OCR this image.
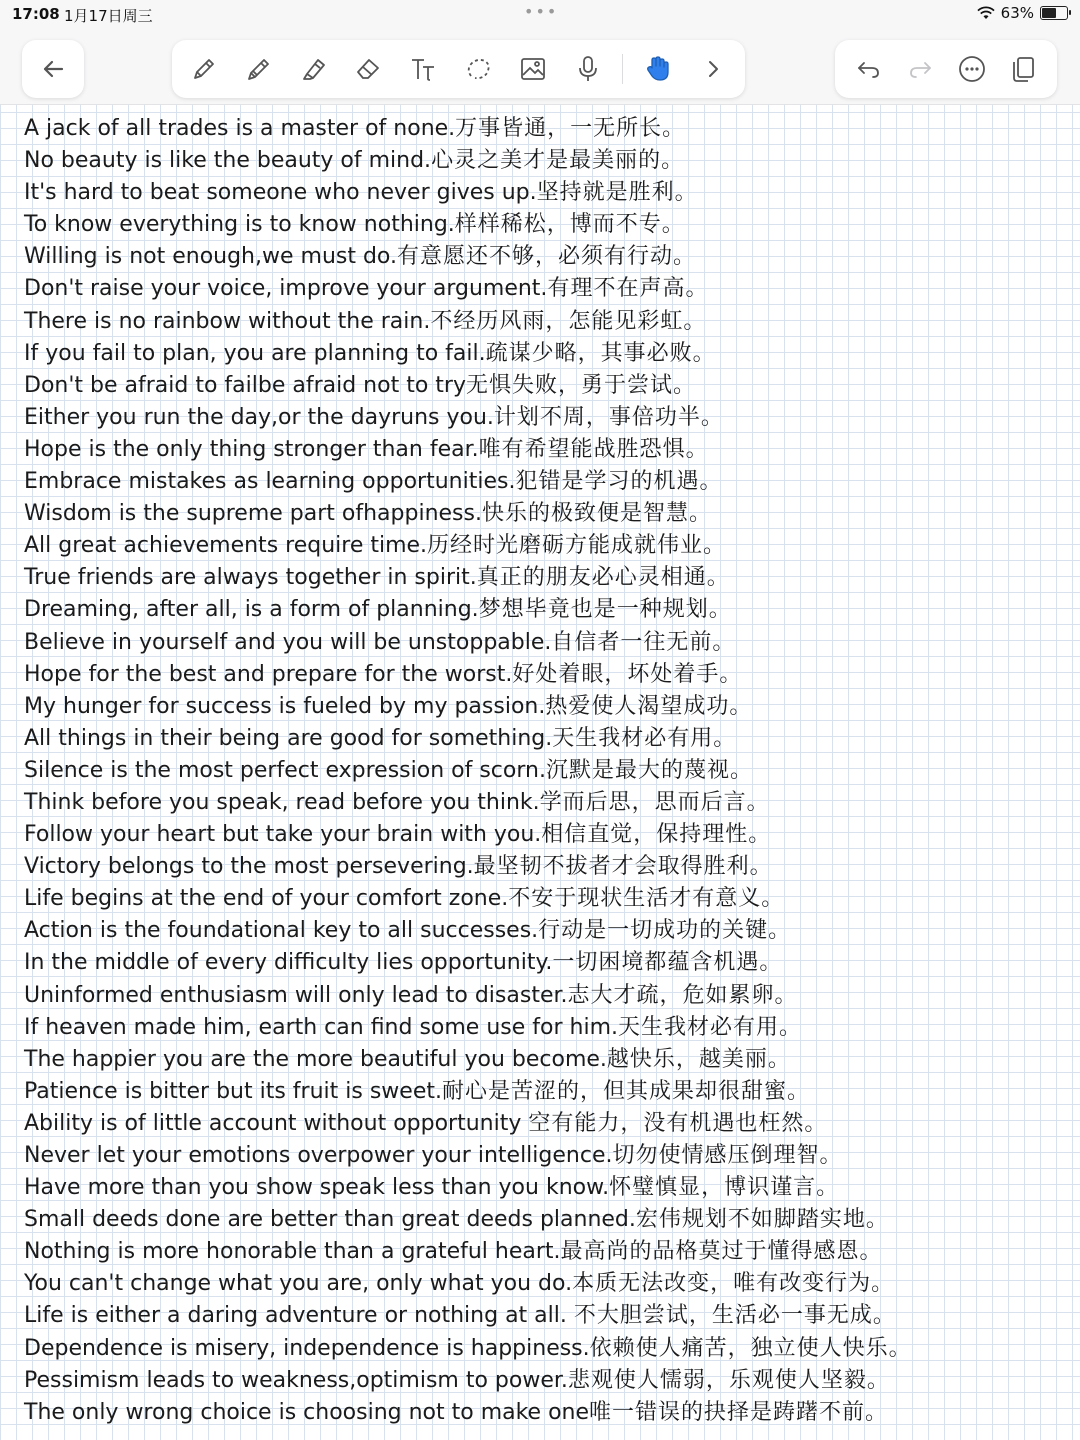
17:08 1月17日周三	•••	63%
A jack of all trades is a master of none.万事皆通，一无所长。
No beauty is like the beauty of mind.心灵之美才是最美丽的。
It's hard to beat someone who never gives up.坚持就是胜利。
To know everything is to know nothing.样样稀松，博而不专。
Willing is not enough,we must do.有意愿还不够，必须有行动。
Don't raise your voice, improve your argument.有理不在声高。
There is no rainbow without the rain.不经历风雨，怎能见彩虹。
If you fail to plan, you are planning to fail.疏谋少略，其事必败。
Don't be afraid to failbe afraid not to try无惧失败，勇于尝试。
Either you run the day,or the dayruns you.计划不周，事倍功半。
Hope is the only thing stronger than fear.唯有希望能战胜恐惧。
Embrace mistakes as learning opportunities.犯错是学习的机遇。
Wisdom is the supreme part ofhappiness.快乐的极致便是智慧。
All great achievements require time.历经时光磨砺方能成就伟业。
True friends are always together in spirit.真正的朋友必心灵相通。
Dreaming, after all, is a form of planning.梦想毕竟也是一种规划。
Believe in yourself and you will be unstoppable.自信者一往无前。
Hope for the best and prepare for the worst.好处着眼，坏处着手。
My hunger for success is fueled by my passion.热爱使人渴望成功。
All things in their being are good for something.天生我材必有用。
Silence is the most perfect expression of scorn.沉默是最大的蔑视。
Think before you speak, read before you think.学而后思，思而后言。
Follow your heart but take your brain with you.相信直觉，保持理性。
Victory belongs to the most persevering.最坚韧不拔者才会取得胜利。
Life begins at the end of your comfort zone.不安于现状生活才有意义。
Action is the foundational key to all successes.行动是一切成功的关键。
In the middle of every difficulty lies opportunity.一切困境都蕴含机遇。
Uninformed enthusiasm will only lead to disaster.志大才疏，危如累卵。
If heaven made him, earth can find some use for him.天生我材必有用。
The happier you are the more beautiful you become.越快乐，越美丽。
Patience is bitter but its fruit is sweet.耐心是苦涩的，但其成果却很甜蜜。
Ability is of little account without opportunity 空有能力，没有机遇也枉然。
Never let your emotions overpower your intelligence.切勿使情感压倒理智。
Have more than you show speak less than you know.怀璧慎显，博识谨言。
Small deeds done are better than great deeds planned.宏伟规划不如脚踏实地。
Nothing is more honorable than a grateful heart.最高尚的品格莫过于懂得感恩。
You can't change what you are, only what you do.本质无法改变，唯有改变行为。
Life is either a daring adventure or nothing at all. 不大胆尝试，生活必一事无成。
Dependence is misery, independence is happiness.依赖使人痛苦，独立使人快乐。
Pessimism leads to weakness,optimism to power.悲观使人懦弱，乐观使人坚毅。
The only wrong choice is choosing not to make one唯一错误的抉择是踌躇不前。
